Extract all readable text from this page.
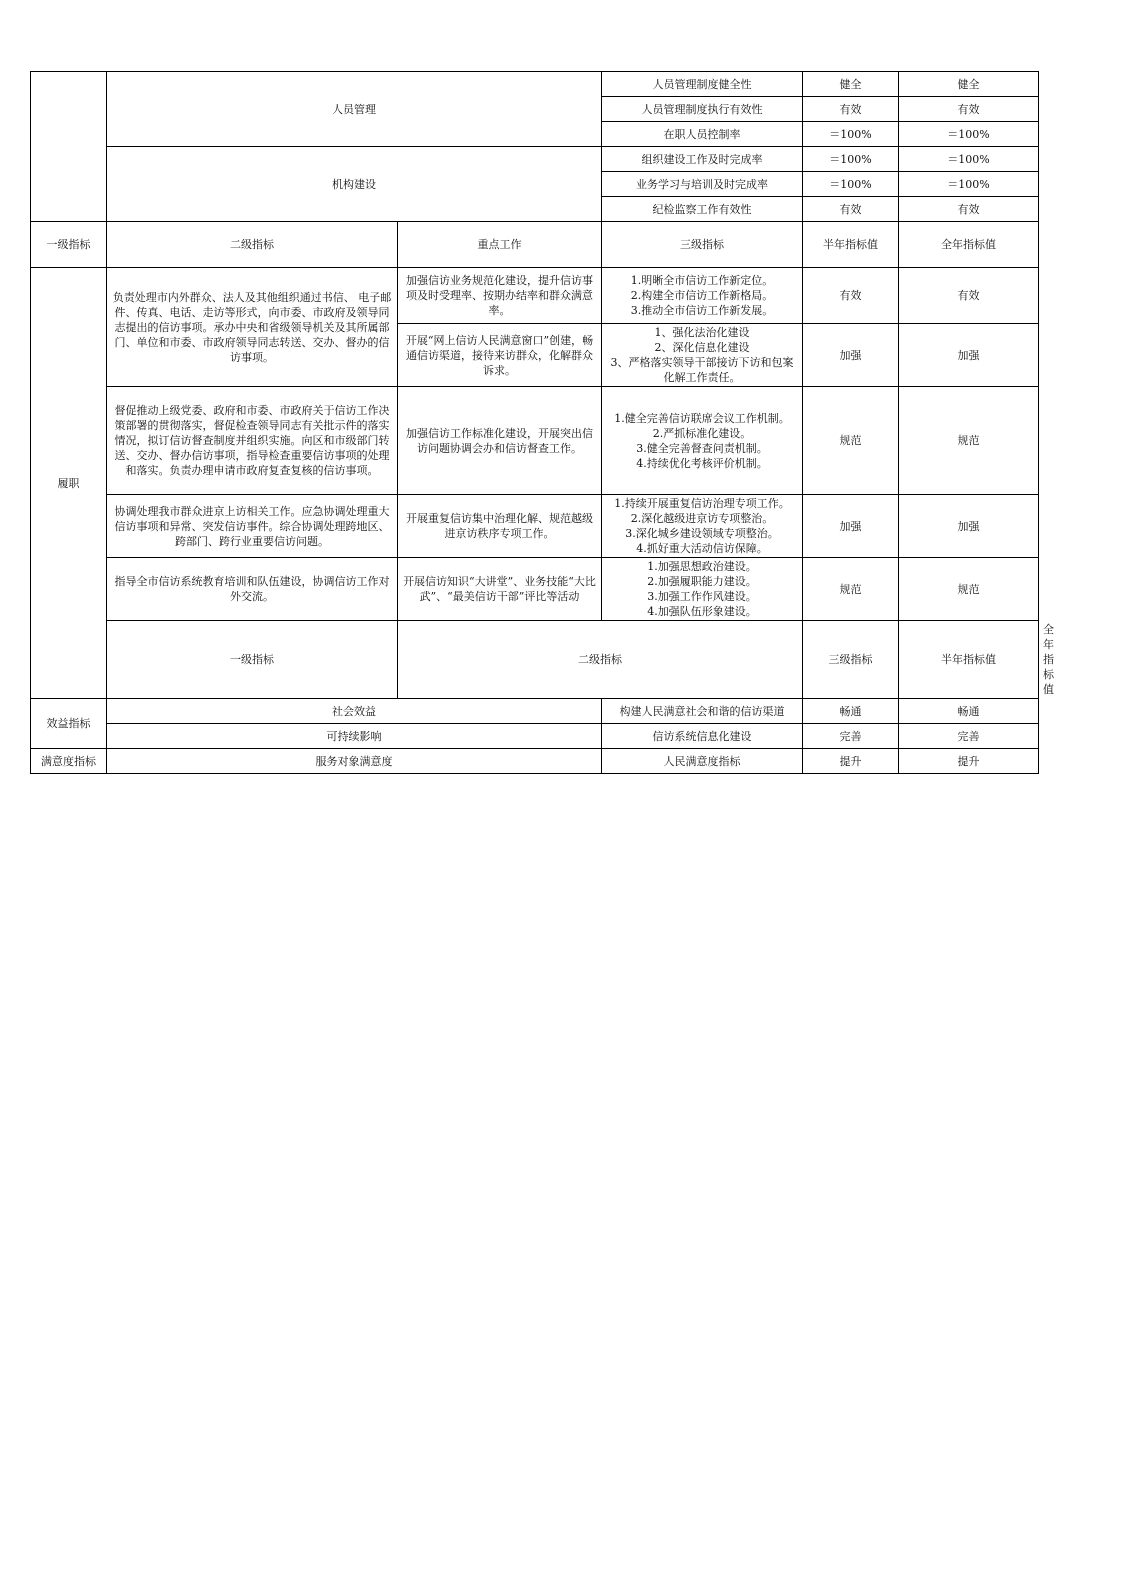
	人员管理		人员管理制度健全性	健全	健全	
			人员管理制度执行有效性	有效	有效	
			在职人员控制率	＝100%	＝100%	
	机构建设		组织建设工作及时完成率	＝100%	＝100%	
			业务学习与培训及时完成率	＝100%	＝100%	
			纪检监察工作有效性	有效	有效	
一级指标	二级指标	重点工作	三级指标	半年指标值	全年指标值	
履职	负责处理市内外群众、法人及其他组织通过书信、 电子邮件、传真、电话、走访等形式，向市委、市政府及领导同志提出的信访事项。承办中央和省级领导机关及其所属部门、单位和市委、市政府领导同志转送、交办、督办的信访事项。	加强信访业务规范化建设，提升信访事项及时受理率、按期办结率和群众满意率。	1.明晰全市信访工作新定位。
2.构建全市信访工作新格局。
3.推动全市信访工作新发展。	有效	有效	
		开展“网上信访人民满意窗口”创建，畅通信访渠道，接待来访群众，化解群众诉求。	1、强化法治化建设
2、深化信息化建设
3、严格落实领导干部接访下访和包案化解工作责任。	加强	加强	
	督促推动上级党委、政府和市委、市政府关于信访工作决策部署的贯彻落实，督促检查领导同志有关批示件的落实情况，拟订信访督查制度并组织实施。向区和市级部门转送、交办、督办信访事项，指导检查重要信访事项的处理和落实。负责办理申请市政府复查复核的信访事项。	加强信访工作标准化建设，开展突出信访问题协调会办和信访督查工作。	1.健全完善信访联席会议工作机制。
2.严抓标准化建设。
3.健全完善督查问责机制。
4.持续优化考核评价机制。	规范	规范	
	协调处理我市群众进京上访相关工作。应急协调处理重大信访事项和异常、突发信访事件。综合协调处理跨地区、跨部门、跨行业重要信访问题。	开展重复信访集中治理化解、规范越级进京访秩序专项工作。	1.持续开展重复信访治理专项工作。
2.深化越级进京访专项整治。
3.深化城乡建设领域专项整治。
4.抓好重大活动信访保障。	加强	加强	
	指导全市信访系统教育培训和队伍建设，协调信访工作对外交流。	开展信访知识“大讲堂”、业务技能“大比武”、“最美信访干部”评比等活动	1.加强思想政治建设。
2.加强履职能力建设。
3.加强工作作风建设。
4.加强队伍形象建设。	规范	规范	
	一级指标	二级指标		三级指标	半年指标值	全年指标值
效益指标	社会效益		构建人民满意社会和谐的信访渠道	畅通	畅通	
	可持续影响		信访系统信息化建设	完善	完善	
满意度指标	服务对象满意度		人民满意度指标	提升	提升	
